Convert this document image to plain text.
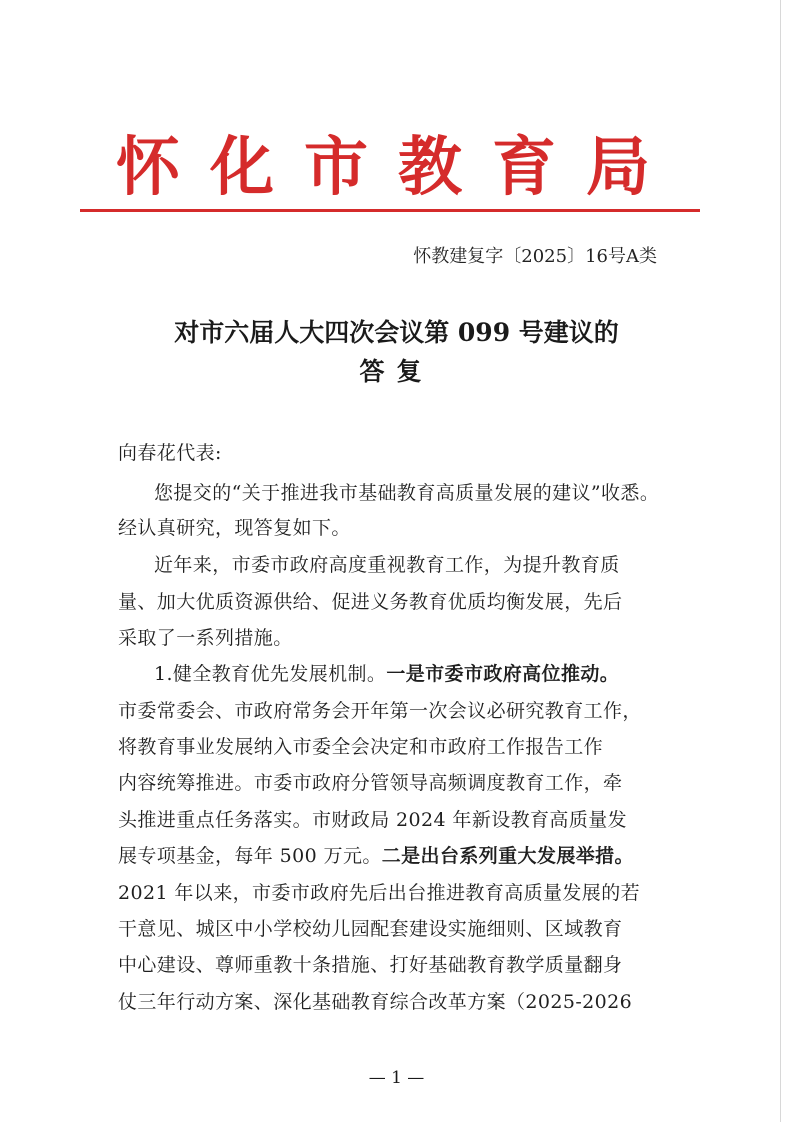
怀化市教育局
怀教建复字〔2025〕16号A类
对市六届人大四次会议第 099 号建议的
答复
向春花代表:
您提交的“关于推进我市基础教育高质量发展的建议”收悉。
经认真研究，现答复如下。
近年来，市委市政府高度重视教育工作，为提升教育质
量、加大优质资源供给、促进义务教育优质均衡发展，先后
采取了一系列措施。
1.健全教育优先发展机制。一是市委市政府高位推动。
市委常委会、市政府常务会开年第一次会议必研究教育工作，
将教育事业发展纳入市委全会决定和市政府工作报告工作
内容统筹推进。市委市政府分管领导高频调度教育工作，牵
头推进重点任务落实。市财政局 2024 年新设教育高质量发
展专项基金，每年 500 万元。二是出台系列重大发展举措。
2021 年以来，市委市政府先后出台推进教育高质量发展的若
干意见、城区中小学校幼儿园配套建设实施细则、区域教育
中心建设、尊师重教十条措施、打好基础教育教学质量翻身
仗三年行动方案、深化基础教育综合改革方案（2025-2026
— 1 —
